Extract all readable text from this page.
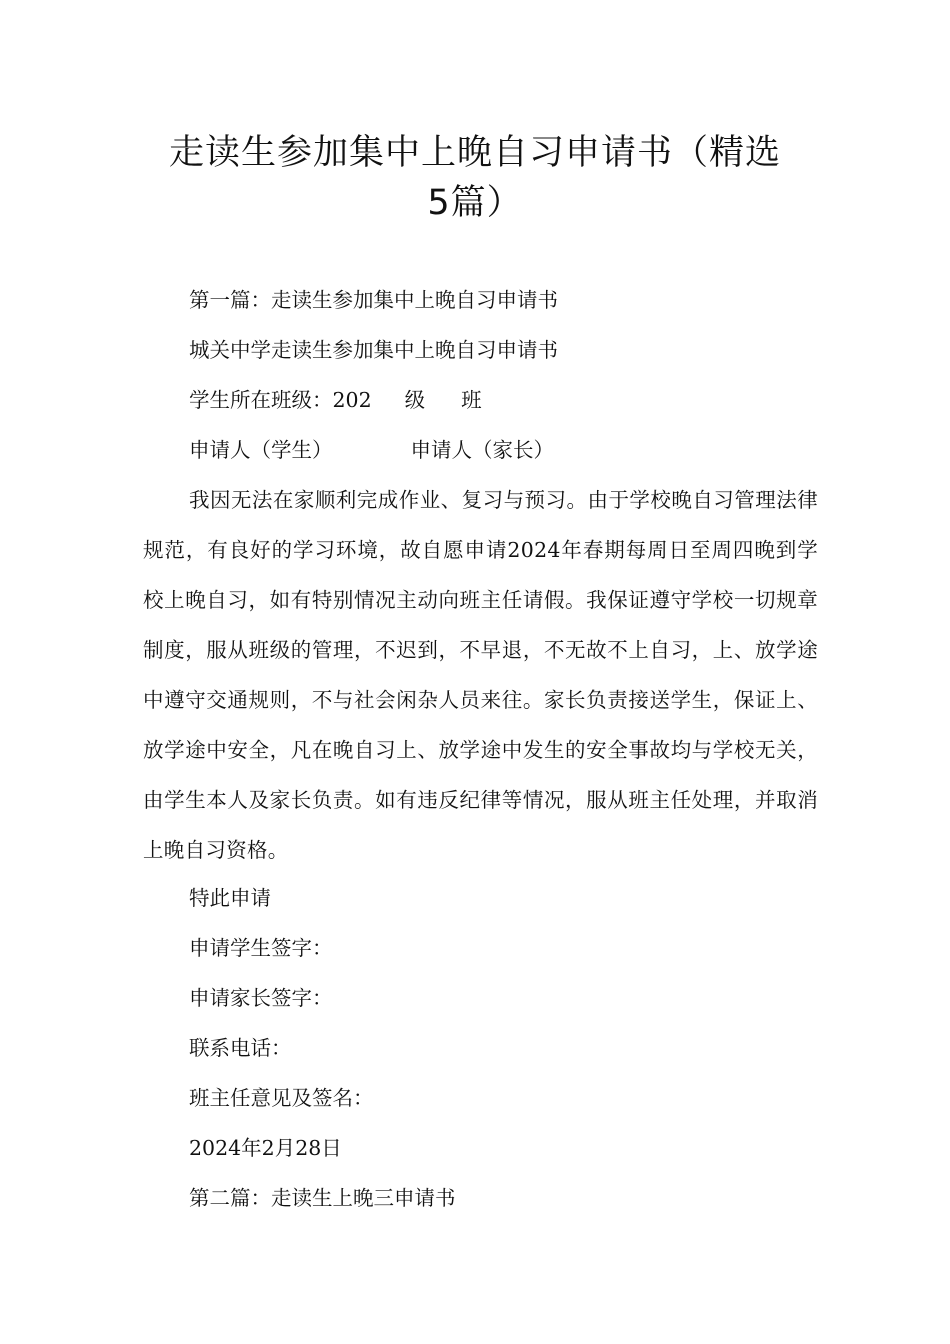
走读生参加集中上晚自习申请书（精选
5篇）
第一篇：走读生参加集中上晚自习申请书
城关中学走读生参加集中上晚自习申请书
学生所在班级：202 级 班
申请人（学生）	申请人（家长）
我因无法在家顺利完成作业、复习与预习。由于学校晚自习管理法律规范，有良好的学习环境，故自愿申请2024年春期每周日至周四晚到学校上晚自习，如有特别情况主动向班主任请假。我保证遵守学校一切规章制度，服从班级的管理，不迟到，不早退，不无故不上自习，上、放学途中遵守交通规则，不与社会闲杂人员来往。家长负责接送学生，保证上、放学途中安全，凡在晚自习上、放学途中发生的安全事故均与学校无关，由学生本人及家长负责。如有违反纪律等情况，服从班主任处理，并取消上晚自习资格。
特此申请
申请学生签字：
申请家长签字：
联系电话：
班主任意见及签名：
2024年2月28日
第二篇：走读生上晚三申请书
